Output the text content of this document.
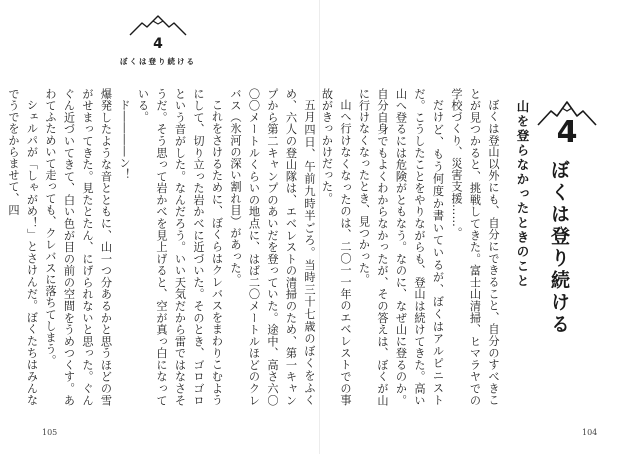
4
ぼくは登り続ける

五月四日、午前九時半ごろ。当時三十七歳のぼくをふくめ、六人の登山隊は、エベレストの清掃のため、第一キャンプから第二キャンプのあいだを登っていた。途中、高さ六〇〇〇メートルくらいの地点に、はば二〇メートルほどのクレバス（氷河の深い割れ目）があった。

これをさけるために、ぼくらはクレバスをまわりこむようにして、切り立った岩かべに近づいた。そのとき、ゴロゴロという音がした。なんだろう。いい天気だから雷ではなさそうだ。そう思って岩かべを見上げると、空が真っ白になっている。

ド――――ン！

爆発したような音とともに、山一つ分あるかと思うほどの雪がせまってきた。見たとたん、にげられないと思った。ぐんぐん近づいてきて、白い色が目の前の空間をうめつくす。あわてふためいて走っても、クレバスに落ちてしまう。

シェルパが「しゃがめ！」とさけんだ。ぼくたちはみんなでうでをからませて、四

105
4
ぼくは登り続ける
山を登らなかったときのこと

ぼくは登山以外にも、自分にできること、自分のすべきことが見つかると、挑戦してきた。富士山清掃、ヒマラヤでの学校づくり、災害支援……。

だけど、もう何度か書いているが、ぼくはアルピニストだ。こうしたことをやりながらも、登山は続けてきた。高い山へ登るには危険がともなう。なのに、なぜ山に登るのか。自分自身でもよくわからなかったが、その答えは、ぼくが山に行けなくなったとき、見つかった。

山へ行けなくなったのは、二〇一一年のエベレストでの事故がきっかけだった。

104
